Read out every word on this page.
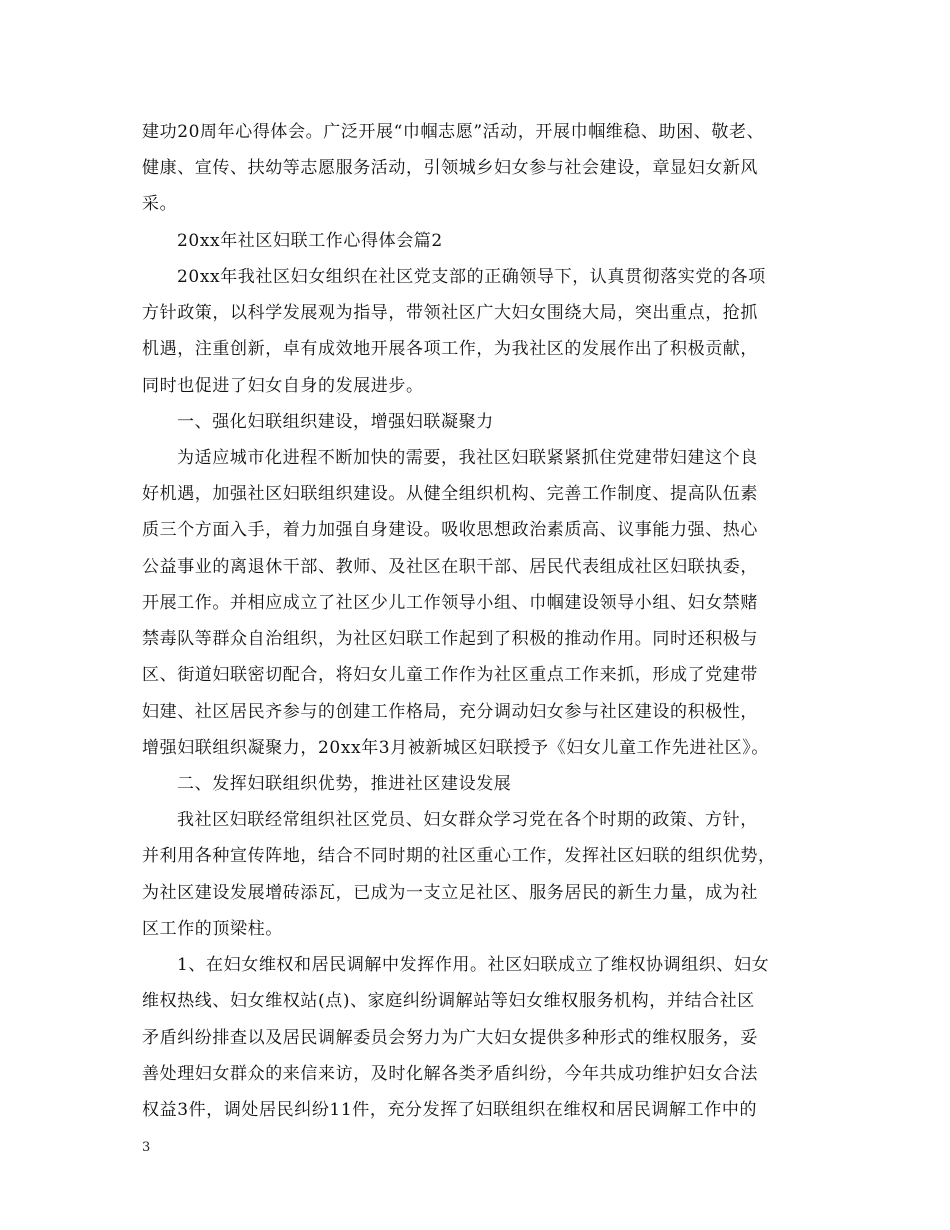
建功20周年心得体会。广泛开展“巾帼志愿”活动，开展巾帼维稳、助困、敬老、
健康、宣传、扶幼等志愿服务活动，引领城乡妇女参与社会建设，章显妇女新风
采。
20xx年社区妇联工作心得体会篇2
20xx年我社区妇女组织在社区党支部的正确领导下，认真贯彻落实党的各项
方针政策，以科学发展观为指导，带领社区广大妇女围绕大局，突出重点，抢抓
机遇，注重创新，卓有成效地开展各项工作，为我社区的发展作出了积极贡献，
同时也促进了妇女自身的发展进步。
一、强化妇联组织建设，增强妇联凝聚力
为适应城市化进程不断加快的需要，我社区妇联紧紧抓住党建带妇建这个良
好机遇，加强社区妇联组织建设。从健全组织机构、完善工作制度、提高队伍素
质三个方面入手，着力加强自身建设。吸收思想政治素质高、议事能力强、热心
公益事业的离退休干部、教师、及社区在职干部、居民代表组成社区妇联执委，
开展工作。并相应成立了社区少儿工作领导小组、巾帼建设领导小组、妇女禁赌
禁毒队等群众自治组织，为社区妇联工作起到了积极的推动作用。同时还积极与
区、街道妇联密切配合，将妇女儿童工作作为社区重点工作来抓，形成了党建带
妇建、社区居民齐参与的创建工作格局，充分调动妇女参与社区建设的积极性，
增强妇联组织凝聚力，20xx年3月被新城区妇联授予《妇女儿童工作先进社区》。
二、发挥妇联组织优势，推进社区建设发展
我社区妇联经常组织社区党员、妇女群众学习党在各个时期的政策、方针，
并利用各种宣传阵地，结合不同时期的社区重心工作，发挥社区妇联的组织优势，
为社区建设发展增砖添瓦，已成为一支立足社区、服务居民的新生力量，成为社
区工作的顶梁柱。
1、在妇女维权和居民调解中发挥作用。社区妇联成立了维权协调组织、妇女
维权热线、妇女维权站(点)、家庭纠纷调解站等妇女维权服务机构，并结合社区
矛盾纠纷排查以及居民调解委员会努力为广大妇女提供多种形式的维权服务，妥
善处理妇女群众的来信来访，及时化解各类矛盾纠纷，今年共成功维护妇女合法
权益3件，调处居民纠纷11件，充分发挥了妇联组织在维权和居民调解工作中的
3
